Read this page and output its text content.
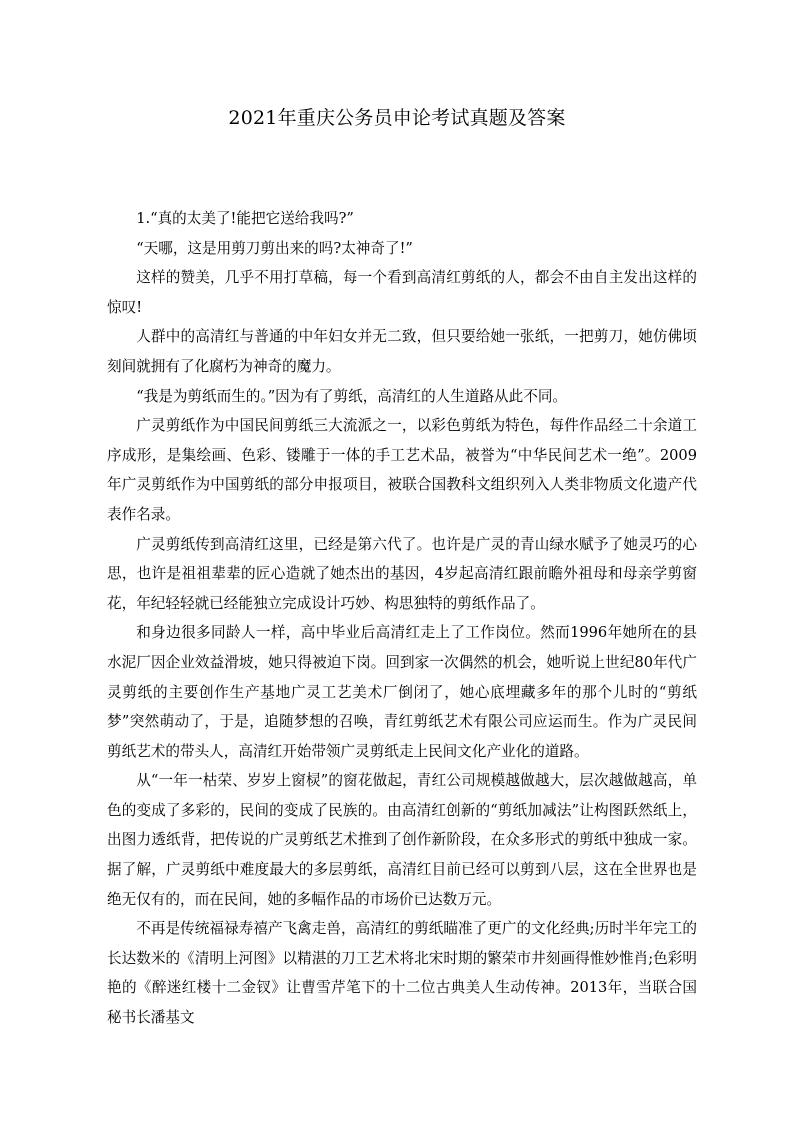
2021年重庆公务员申论考试真题及答案

1.“真的太美了!能把它送给我吗?”

“天哪，这是用剪刀剪出来的吗?太神奇了!”

这样的赞美，几乎不用打草稿，每一个看到高清红剪纸的人，都会不由自主发出这样的惊叹!

人群中的高清红与普通的中年妇女并无二致，但只要给她一张纸，一把剪刀，她仿佛顷刻间就拥有了化腐朽为神奇的魔力。

“我是为剪纸而生的。”因为有了剪纸，高清红的人生道路从此不同。

广灵剪纸作为中国民间剪纸三大流派之一，以彩色剪纸为特色，每件作品经二十余道工序成形，是集绘画、色彩、镂雕于一体的手工艺术品，被誉为“中华民间艺术一绝”。2009年广灵剪纸作为中国剪纸的部分申报项目，被联合国教科文组织列入人类非物质文化遗产代表作名录。

广灵剪纸传到高清红这里，已经是第六代了。也许是广灵的青山绿水赋予了她灵巧的心思，也许是祖祖辈辈的匠心造就了她杰出的基因，4岁起高清红跟前瞻外祖母和母亲学剪窗花，年纪轻轻就已经能独立完成设计巧妙、构思独特的剪纸作品了。

和身边很多同龄人一样，高中毕业后高清红走上了工作岗位。然而1996年她所在的县水泥厂因企业效益滑坡，她只得被迫下岗。回到家一次偶然的机会，她听说上世纪80年代广灵剪纸的主要创作生产基地广灵工艺美术厂倒闭了，她心底埋藏多年的那个儿时的“剪纸梦”突然萌动了，于是，追随梦想的召唤，青红剪纸艺术有限公司应运而生。作为广灵民间剪纸艺术的带头人，高清红开始带领广灵剪纸走上民间文化产业化的道路。

从“一年一枯荣、岁岁上窗棂”的窗花做起，青红公司规模越做越大，层次越做越高，单色的变成了多彩的，民间的变成了民族的。由高清红创新的“剪纸加减法”让构图跃然纸上，出图力透纸背，把传说的广灵剪纸艺术推到了创作新阶段，在众多形式的剪纸中独成一家。据了解，广灵剪纸中难度最大的多层剪纸，高清红目前已经可以剪到八层，这在全世界也是绝无仅有的，而在民间，她的多幅作品的市场价已达数万元。

不再是传统福禄寿禧产飞禽走兽，高清红的剪纸瞄准了更广的文化经典;历时半年完工的长达数米的《清明上河图》以精湛的刀工艺术将北宋时期的繁荣市井刻画得惟妙惟肖;色彩明艳的《醉迷红楼十二金钗》让曹雪芹笔下的十二位古典美人生动传神。2013年，当联合国秘书长潘基文
